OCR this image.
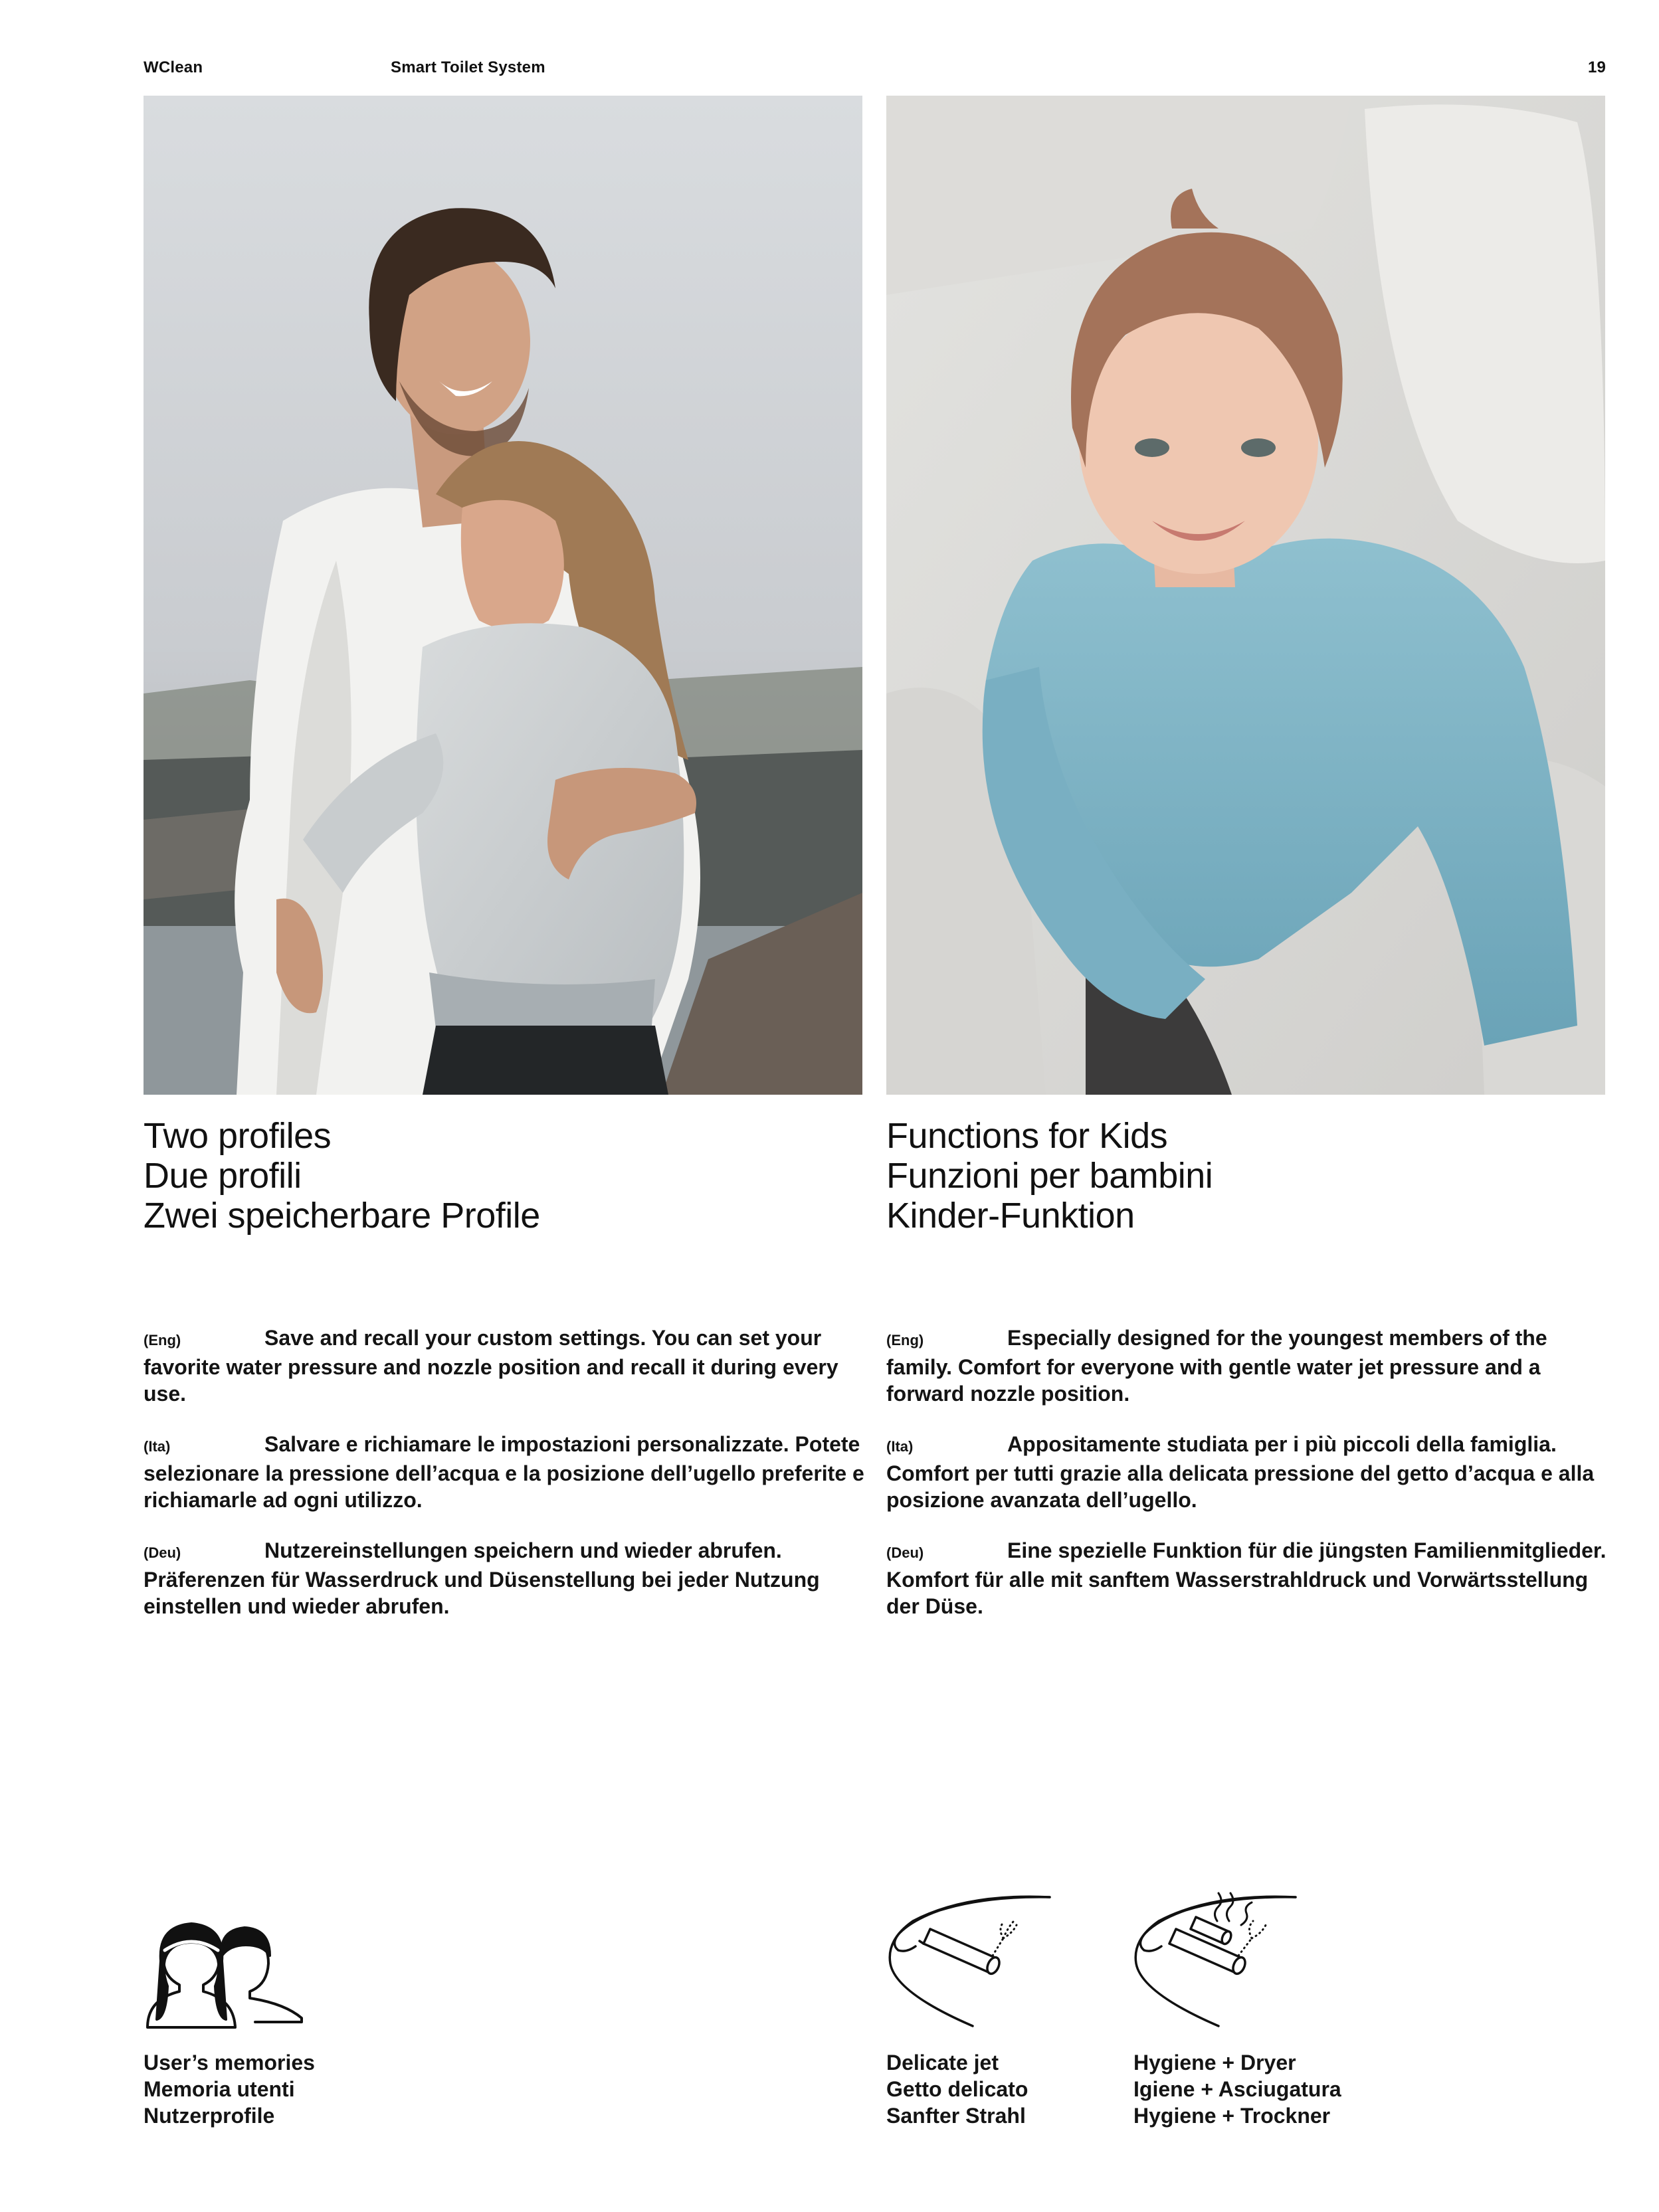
WClean	Smart Toilet System	19
Two profiles
Due profili
Zwei speicherbare Profile
Functions for Kids
Funzioni per bambini
Kinder-Funktion
(Eng)	Save and recall your custom settings. You can set your favorite water pressure and nozzle position and recall it during every use.
(Ita)	Salvare e richiamare le impostazioni personalizzate. Potete selezionare la pressione dell’acqua e la posizione dell’ugello preferite e richiamarle ad ogni utilizzo.
(Deu)	Nutzereinstellungen speichern und wieder abrufen. Präferenzen für Wasserdruck und Düsenstellung bei jeder Nutzung einstellen und wieder abrufen.
(Eng)	Especially designed for the youngest members of the family. Comfort for everyone with gentle water jet pressure and a forward nozzle position.
(Ita)	Appositamente studiata per i più piccoli della famiglia. Comfort per tutti grazie alla delicata pressione del getto d’acqua e alla posizione avanzata dell’ugello.
(Deu)	Eine spezielle Funktion für die jüngsten Familienmitglieder. Komfort für alle mit sanftem Wasserstrahldruck und Vorwärtsstellung der Düse.
User’s memories
Memoria utenti
Nutzerprofile
Delicate jet
Getto delicato
Sanfter Strahl
Hygiene + Dryer
Igiene + Asciugatura
Hygiene + Trockner
